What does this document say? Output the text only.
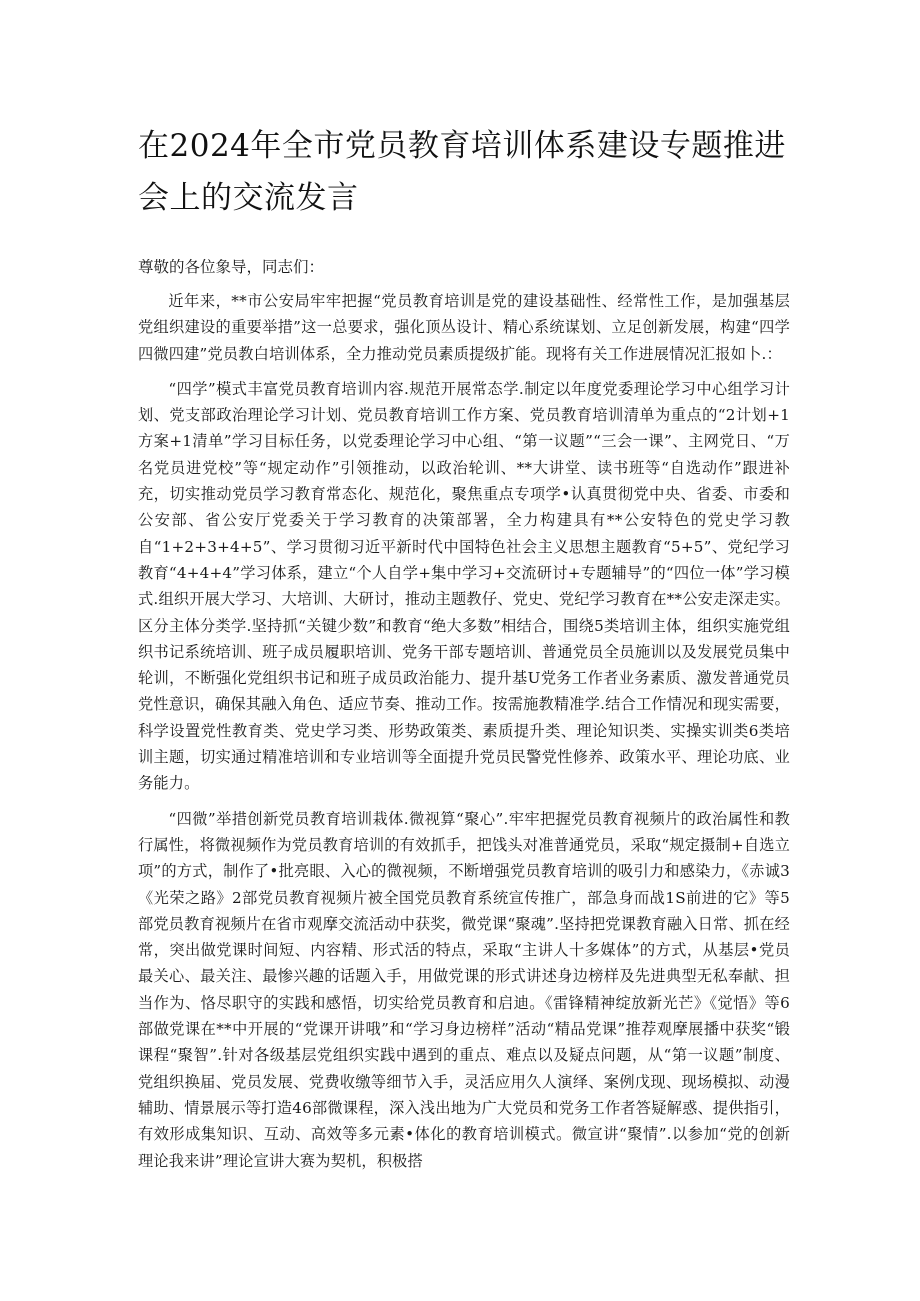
在2024年全市党员教育培训体系建设专题推进会上的交流发言

尊敬的各位象导，同志们：

近年来，**市公安局牢牢把握“党员教育培训是党的建设基础性、经常性工作，是加强基层党组织建设的重要举措”这一总要求，强化顶丛设计、精心系统谋划、立足创新发展，构建“四学四微四建”党员教白培训体系，全力推动党员素质提级扩能。现将有关工作进展情况汇报如卜.：

“四学”模式丰富党员教育培训内容.规范开展常态学.制定以年度党委理论学习中心组学习计划、党支部政治理论学习计划、党员教育培训工作方案、党员教育培训清单为重点的“2计划+1方案+1清单”学习目标任务，以党委理论学习中心组、“第一议题”“三会一课”、主网党日、“万名党员进党校”等“规定动作”引领推动，以政治轮训、**大讲堂、读书班等“自选动作”跟进补充，切实推动党员学习教育常态化、规范化，聚焦重点专项学•认真贯彻党中央、省委、市委和公安部、省公安厅党委关于学习教育的决策部署，全力构建具有**公安特色的党史学习教自“1+2+3+4+5”、学习贯彻习近平新时代中国特色社会主义思想主题教育“5+5”、党纪学习教育“4+4+4”学习体系，建立“个人自学+集中学习+交流研讨+专题辅导”的“四位一体”学习模式.组织开展大学习、大培训、大研讨，推动主题教仔、党史、党纪学习教育在**公安走深走实。区分主体分类学.坚持抓“关键少数”和教育“绝大多数”相结合，围绕5类培训主体，组织实施党组织书记系统培训、班子成员履职培训、党务干部专题培训、普通党员全员施训以及发展党员集中轮训，不断强化党组织书记和班子成员政治能力、提升基U党务工作者业务素质、激发普通党员党性意识，确保其融入角色、适应节奏、推动工作。按需施教精准学.结合工作情况和现实需要，科学设置党性教育类、党史学习类、形势政策类、素质提升类、理论知识类、实操实训类6类培训主题，切实通过精准培训和专业培训等全面提升党员民警党性修养、政策水平、理论功底、业务能力。

“四微”举措创新党员教育培训栽体.微视算“聚心”.牢牢把握党员教育视频片的政治属性和教行属性，将微视频作为党员教育培训的有效抓手，把饯头对准普通党员，采取“规定摄制+自选立项”的方式，制作了•批亮眼、入心的微视频，不断增强党员教育培训的吸引力和感染力，《赤诚3《光荣之路》2部党员教育视频片被全国党员教育系统宣传推广，部急身而战1S前进的它》等5部党员教育视频片在省市观摩交流活动中获奖，微党课“聚魂”.坚持把党课教育融入日常、抓在经常，突出做党课时间短、内容精、形式活的特点，采取“主讲人十多媒体”的方式，从基层•党员最关心、最关注、最惨兴趣的话题入手，用做党课的形式讲述身边榜样及先进典型无私奉献、担当作为、恪尽职守的实践和感悟，切实给党员教育和启迪。《雷锋精神绽放新光芒》《觉悟》等6部做党课在**中开展的“党课开讲哦”和“学习身边榜样”活动“精品党课”推荐观摩展播中获奖“锻课程“聚智”.针对各级基层党组织实践中遇到的重点、难点以及疑点问题，从“第一议题”制度、党组织换届、党员发展、党费收缴等细节入手，灵活应用久人演绎、案例戊现、现场模拟、动漫辅助、情景展示等打造46部微课程，深入浅出地为广大党员和党务工作者答疑解惑、提供指引，有效形成集知识、互动、高效等多元素•体化的教育培训模式。微宣讲“聚情”.以参加“党的创新理论我来讲”理论宣讲大赛为契机，积极搭
